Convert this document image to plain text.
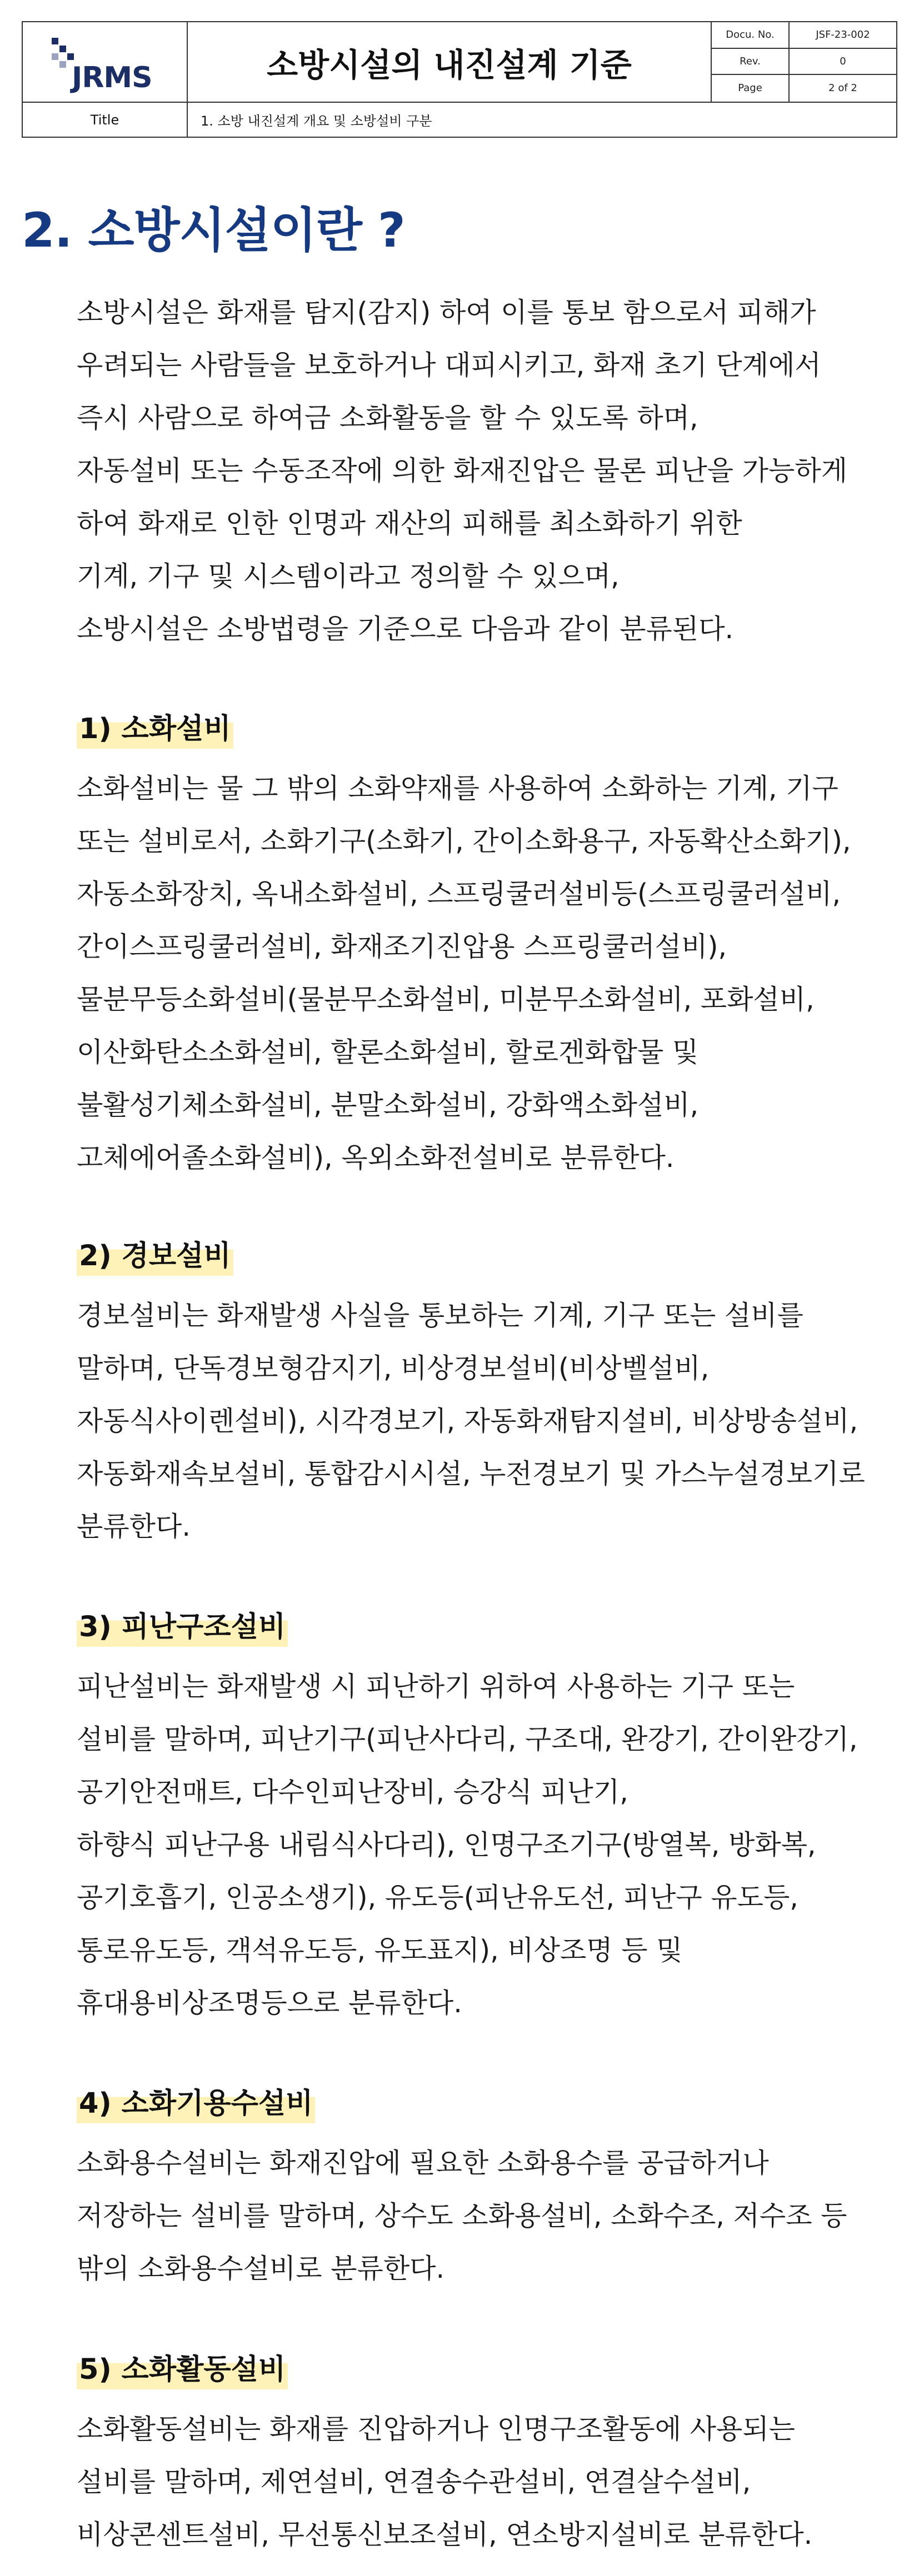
JRMS	소방시설의 내진설계 기준
Docu. No.	JSF-23-002
Rev.	0
Page	2 of 2
Title	1. 소방 내진설계 개요 및 소방설비 구분
2. 소방시설이란 ?
소방시설은 화재를 탐지(감지) 하여 이를 통보 함으로서 피해가
우려되는 사람들을 보호하거나 대피시키고, 화재 초기 단계에서
즉시 사람으로 하여금 소화활동을 할 수 있도록 하며,
자동설비 또는 수동조작에 의한 화재진압은 물론 피난을 가능하게
하여 화재로 인한 인명과 재산의 피해를 최소화하기 위한
기계, 기구 및 시스템이라고 정의할 수 있으며,
소방시설은 소방법령을 기준으로 다음과 같이 분류된다.
1) 소화설비
소화설비는 물 그 밖의 소화약재를 사용하여 소화하는 기계, 기구
또는 설비로서, 소화기구(소화기, 간이소화용구, 자동확산소화기),
자동소화장치, 옥내소화설비, 스프링쿨러설비등(스프링쿨러설비,
간이스프링쿨러설비, 화재조기진압용 스프링쿨러설비),
물분무등소화설비(물분무소화설비, 미분무소화설비, 포화설비,
이산화탄소소화설비, 할론소화설비, 할로겐화합물 및
불활성기체소화설비, 분말소화설비, 강화액소화설비,
고체에어졸소화설비), 옥외소화전설비로 분류한다.
2) 경보설비
경보설비는 화재발생 사실을 통보하는 기계, 기구 또는 설비를
말하며, 단독경보형감지기, 비상경보설비(비상벨설비,
자동식사이렌설비), 시각경보기, 자동화재탐지설비, 비상방송설비,
자동화재속보설비, 통합감시시설, 누전경보기 및 가스누설경보기로
분류한다.
3) 피난구조설비
피난설비는 화재발생 시 피난하기 위하여 사용하는 기구 또는
설비를 말하며, 피난기구(피난사다리, 구조대, 완강기, 간이완강기,
공기안전매트, 다수인피난장비, 승강식 피난기,
하향식 피난구용 내림식사다리), 인명구조기구(방열복, 방화복,
공기호흡기, 인공소생기), 유도등(피난유도선, 피난구 유도등,
통로유도등, 객석유도등, 유도표지), 비상조명 등 및
휴대용비상조명등으로 분류한다.
4) 소화기용수설비
소화용수설비는 화재진압에 필요한 소화용수를 공급하거나
저장하는 설비를 말하며, 상수도 소화용설비, 소화수조, 저수조 등
밖의 소화용수설비로 분류한다.
5) 소화활동설비
소화활동설비는 화재를 진압하거나 인명구조활동에 사용되는
설비를 말하며, 제연설비, 연결송수관설비, 연결살수설비,
비상콘센트설비, 무선통신보조설비, 연소방지설비로 분류한다.
